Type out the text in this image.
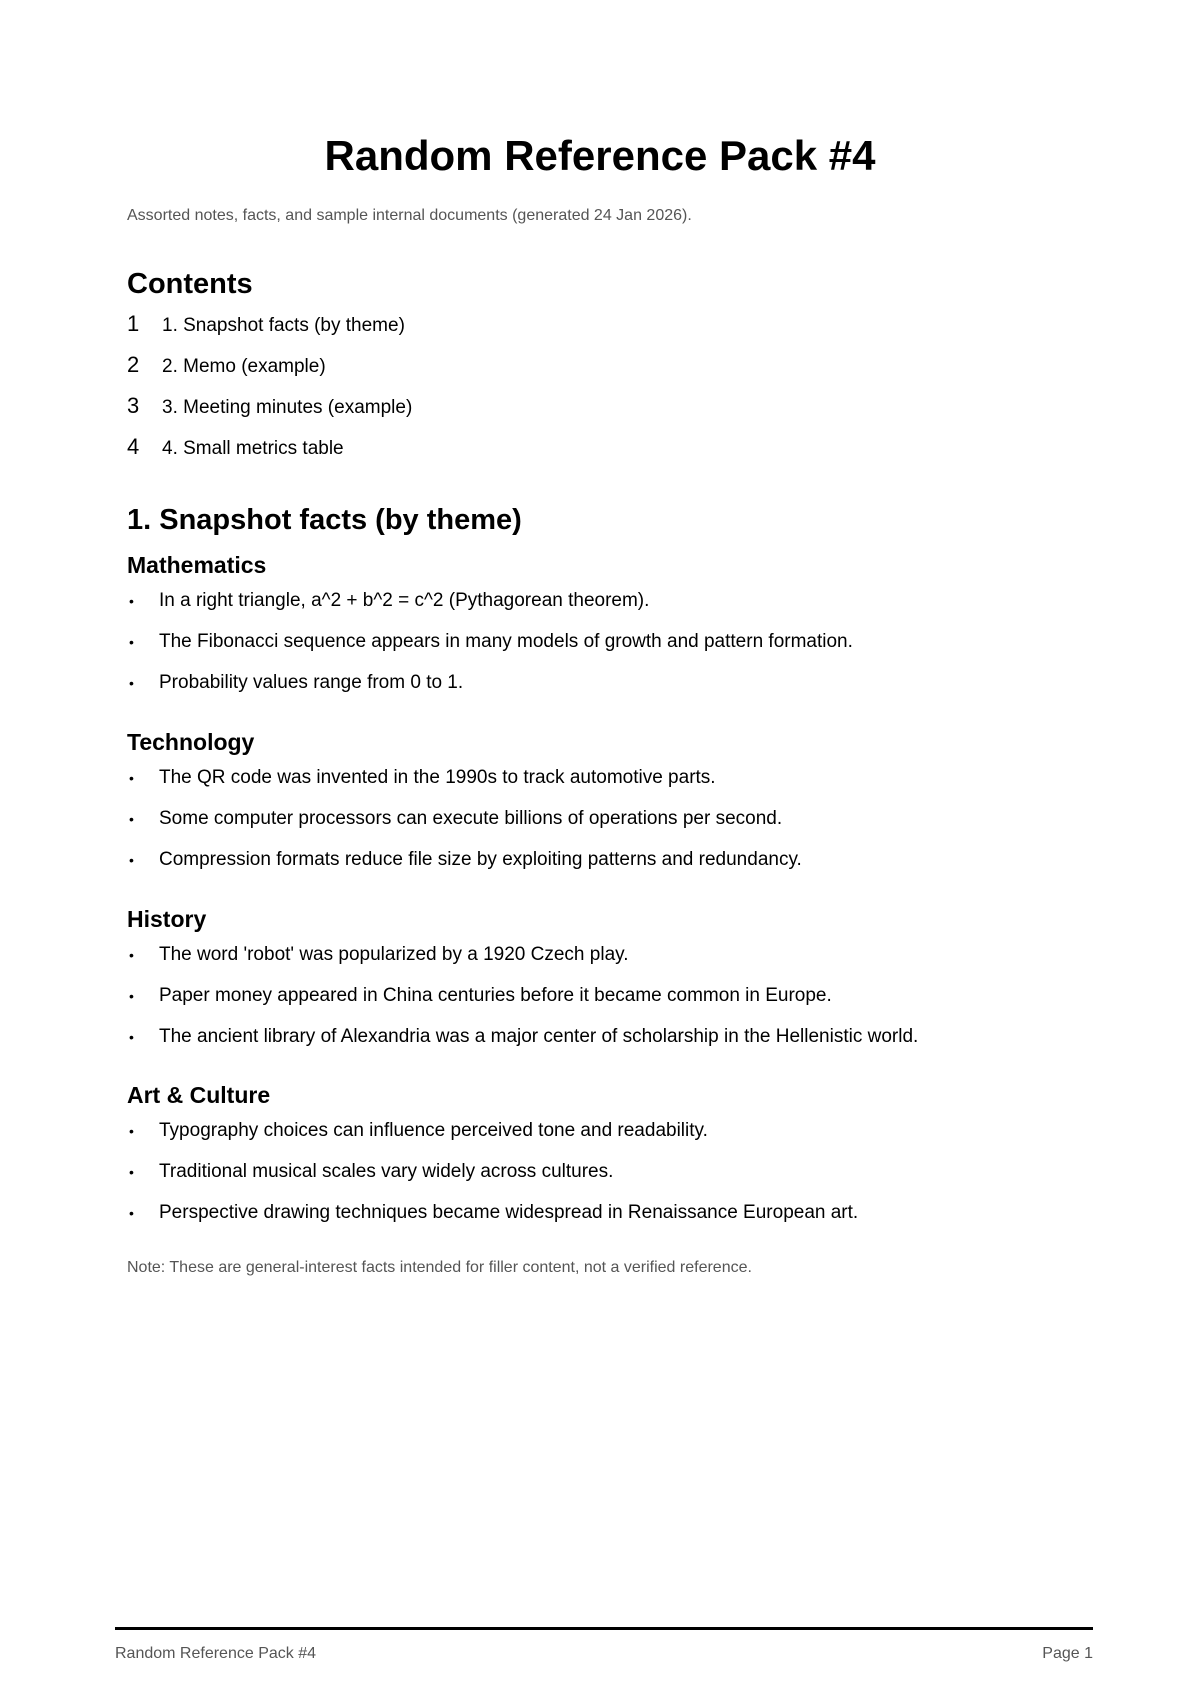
Random Reference Pack #4

Assorted notes, facts, and sample internal documents (generated 24 Jan 2026).

Contents
1	1. Snapshot facts (by theme)
2	2. Memo (example)
3	3. Meeting minutes (example)
4	4. Small metrics table
1. Snapshot facts (by theme)
Mathematics
• In a right triangle, a^2 + b^2 = c^2 (Pythagorean theorem).
• The Fibonacci sequence appears in many models of growth and pattern formation.
• Probability values range from 0 to 1.
Technology
• The QR code was invented in the 1990s to track automotive parts.
• Some computer processors can execute billions of operations per second.
• Compression formats reduce file size by exploiting patterns and redundancy.
History
• The word 'robot' was popularized by a 1920 Czech play.
• Paper money appeared in China centuries before it became common in Europe.
• The ancient library of Alexandria was a major center of scholarship in the Hellenistic world.
Art & Culture
• Typography choices can influence perceived tone and readability.
• Traditional musical scales vary widely across cultures.
• Perspective drawing techniques became widespread in Renaissance European art.

Note: These are general-interest facts intended for filler content, not a verified reference.

Random Reference Pack #4	Page 1
